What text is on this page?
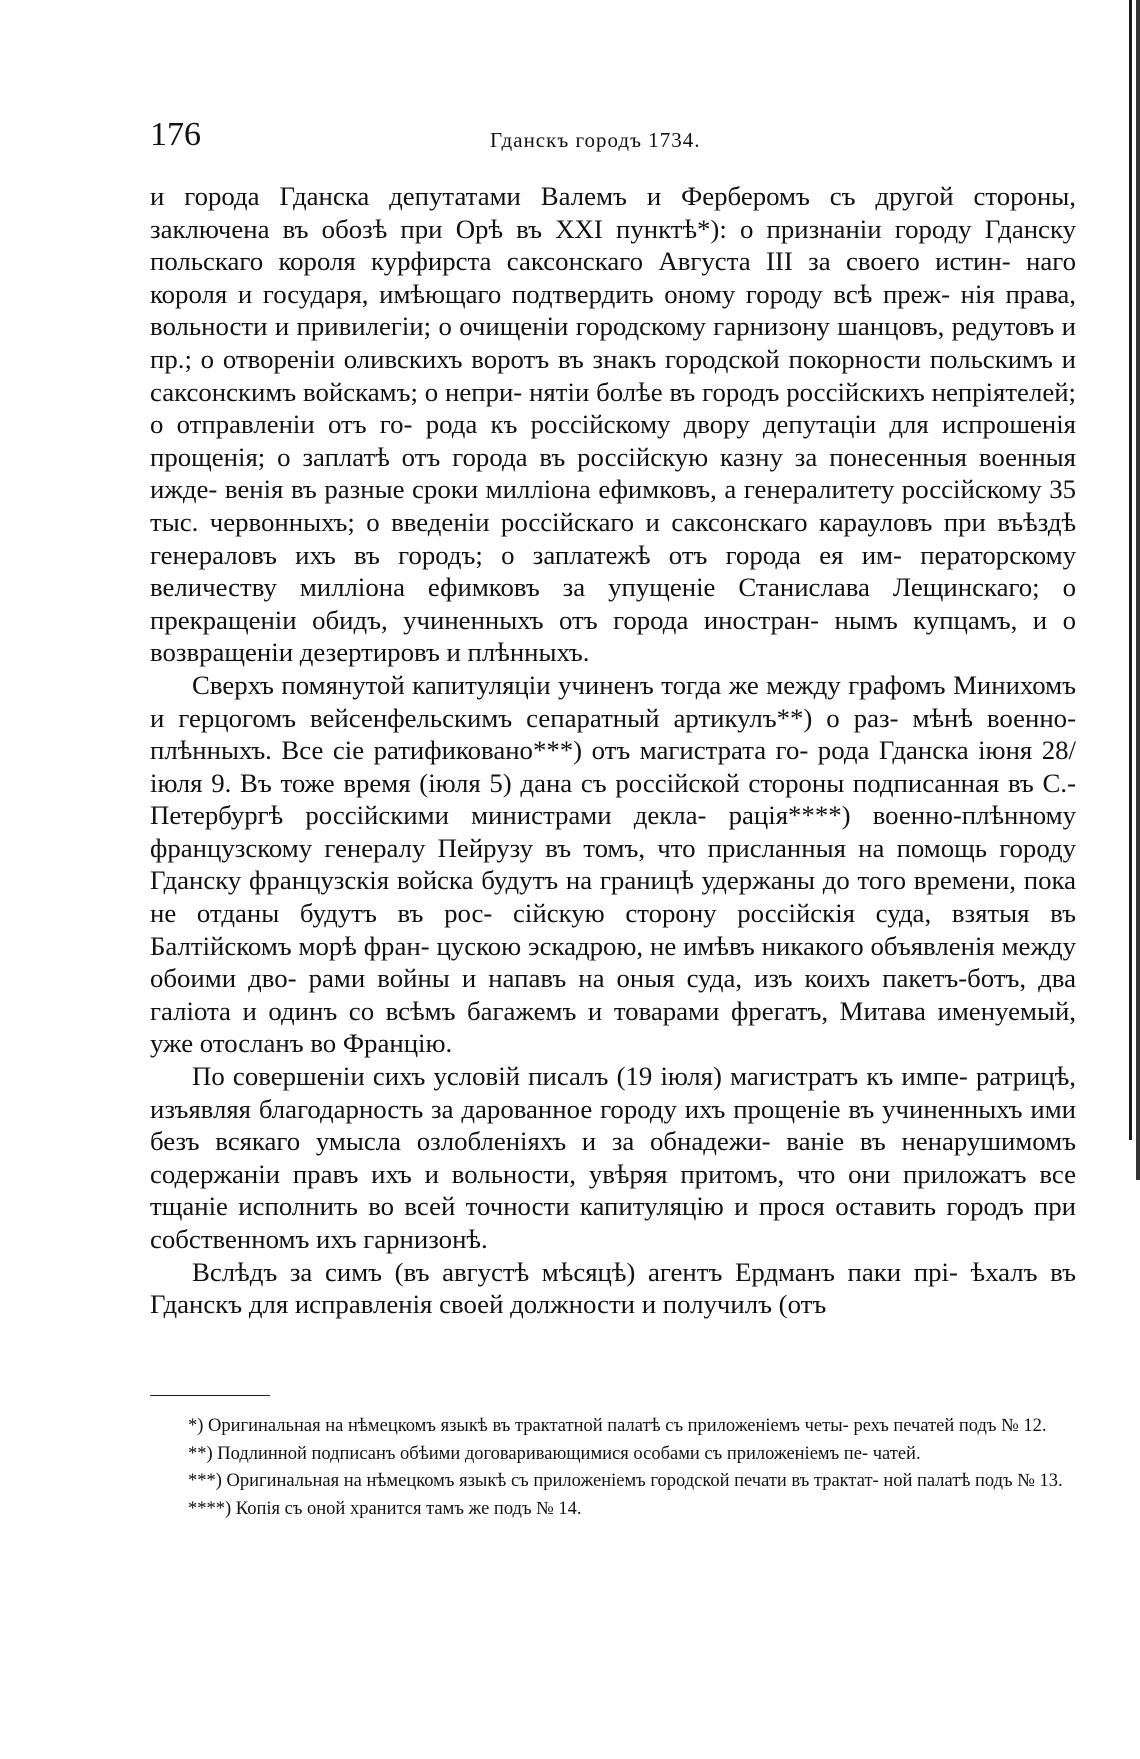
176	Гданскъ городъ 1734.

и города Гданска депутатами Валемъ и Ферберомъ съ другой стороны, заключена въ обозѣ при Орѣ въ XXI пунктѣ*): о признанiи городу Гданску польскаго короля курфирста саксонскаго Августа III за своего истин- наго короля и государя, имѣющаго подтвердить оному городу всѣ преж- нія права, вольности и привилегіи; о очищеніи городскому гарнизону шанцовъ, редутовъ и пр.; о отвореніи оливскихъ воротъ въ знакъ городской покорности польскимъ и саксонскимъ войскамъ; о непри- нятіи болѣе въ городъ россійскихъ непріятелей; о отправленіи отъ го- рода къ россійскому двору депутаціи для испрошенія прощенія; о заплатѣ отъ города въ россійскую казну за понесенныя военныя ижде- венія въ разные сроки милліона ефимковъ, а генералитету россійскому 35 тыс. червонныхъ; о введеніи россійскаго и саксонскаго карауловъ при въѣздѣ генераловъ ихъ въ городъ; о заплатежѣ отъ города ея им- ператорскому величеству милліона ефимковъ за упущеніе Станислава Лещинскаго; о прекращеніи обидъ, учиненныхъ отъ города иностран- нымъ купцамъ, и о возвращеніи дезертировъ и плѣнныхъ.

Сверхъ помянутой капитуляціи учиненъ тогда же между графомъ Минихомъ и герцогомъ вейсенфельскимъ сепаратный артикулъ**) о раз- мѣнѣ военно-плѣнныхъ. Все сіе ратификовано***) отъ магистрата го- рода Гданска іюня 28/іюля 9. Въ тоже время (іюля 5) дана съ россійской стороны подписанная въ С.-Петербургѣ россійскими министрами декла- рація****) военно-плѣнному французскому генералу Пейрузу въ томъ, что присланныя на помощь городу Гданску французскія войска будутъ на границѣ удержаны до того времени, пока не отданы будутъ въ рос- сійскую сторону россійскія суда, взятыя въ Балтійскомъ морѣ фран- цускою эскадрою, не имѣвъ никакого объявленія между обоими дво- рами войны и напавъ на оныя суда, изъ коихъ пакетъ-ботъ, два галіота и одинъ со всѣмъ багажемъ и товарами фрегатъ, Митава именуемый, уже отосланъ во Францію.

По совершеніи сихъ условій писалъ (19 іюля) магистратъ къ импе- ратрицѣ, изъявляя благодарность за дарованное городу ихъ прощеніе въ учиненныхъ ими безъ всякаго умысла озлобленіяхъ и за обнадежи- ваніе въ ненарушимомъ содержаніи правъ ихъ и вольности, увѣряя притомъ, что они приложатъ все тщаніе исполнить во всей точности капитуляцію и прося оставить городъ при собственномъ ихъ гарнизонѣ.

Вслѣдъ за симъ (въ августѣ мѣсяцѣ) агентъ Ердманъ паки прі- ѣхалъ въ Гданскъ для исправленія своей должности и получилъ (отъ

*) Оригинальная на нѣмецкомъ языкѣ въ трактатной палатѣ съ приложеніемъ четы- рехъ печатей подъ № 12.

**) Подлинной подписанъ обѣими договаривающимися особами съ приложеніемъ пе- чатей.

***) Оригинальная на нѣмецкомъ языкѣ съ приложеніемъ городской печати въ трактат- ной палатѣ подъ № 13.

****) Копія съ оной хранится тамъ же подъ № 14.
